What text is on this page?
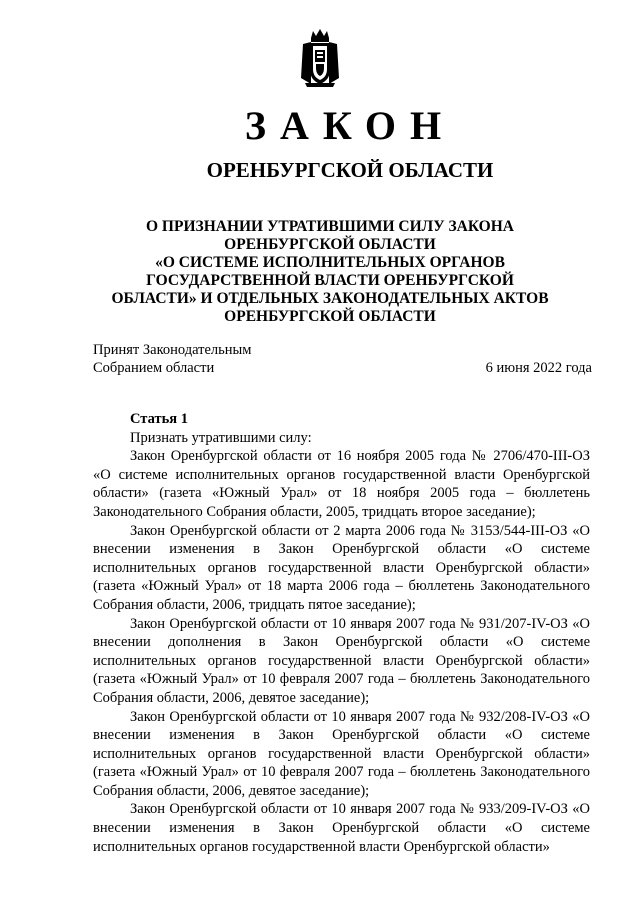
ЗАКОН
ОРЕНБУРГСКОЙ ОБЛАСТИ
О ПРИЗНАНИИ УТРАТИВШИМИ СИЛУ ЗАКОНА
ОРЕНБУРГСКОЙ ОБЛАСТИ
«О СИСТЕМЕ ИСПОЛНИТЕЛЬНЫХ ОРГАНОВ
ГОСУДАРСТВЕННОЙ ВЛАСТИ ОРЕНБУРГСКОЙ
ОБЛАСТИ» И ОТДЕЛЬНЫХ ЗАКОНОДАТЕЛЬНЫХ АКТОВ
ОРЕНБУРГСКОЙ ОБЛАСТИ
Принят Законодательным
Собранием области	6 июня 2022 года
Статья 1
Признать утратившими силу:
Закон Оренбургской области от 16 ноября 2005 года № 2706/470-III-ОЗ «О системе исполнительных органов государственной власти Оренбургской области» (газета «Южный Урал» от 18 ноября 2005 года – бюллетень Законодательного Собрания области, 2005, тридцать второе заседание);
Закон Оренбургской области от 2 марта 2006 года № 3153/544-III-ОЗ «О внесении изменения в Закон Оренбургской области «О системе исполнительных органов государственной власти Оренбургской области» (газета «Южный Урал» от 18 марта 2006 года – бюллетень Законодательного Собрания области, 2006, тридцать пятое заседание);
Закон Оренбургской области от 10 января 2007 года № 931/207-IV-ОЗ «О внесении дополнения в Закон Оренбургской области «О системе исполнительных органов государственной власти Оренбургской области» (газета «Южный Урал» от 10 февраля 2007 года – бюллетень Законодательного Собрания области, 2006, девятое заседание);
Закон Оренбургской области от 10 января 2007 года № 932/208-IV-ОЗ «О внесении изменения в Закон Оренбургской области «О системе исполнительных органов государственной власти Оренбургской области» (газета «Южный Урал» от 10 февраля 2007 года – бюллетень Законодательного Собрания области, 2006, девятое заседание);
Закон Оренбургской области от 10 января 2007 года № 933/209-IV-ОЗ «О внесении изменения в Закон Оренбургской области «О системе исполнительных органов государственной власти Оренбургской области»
